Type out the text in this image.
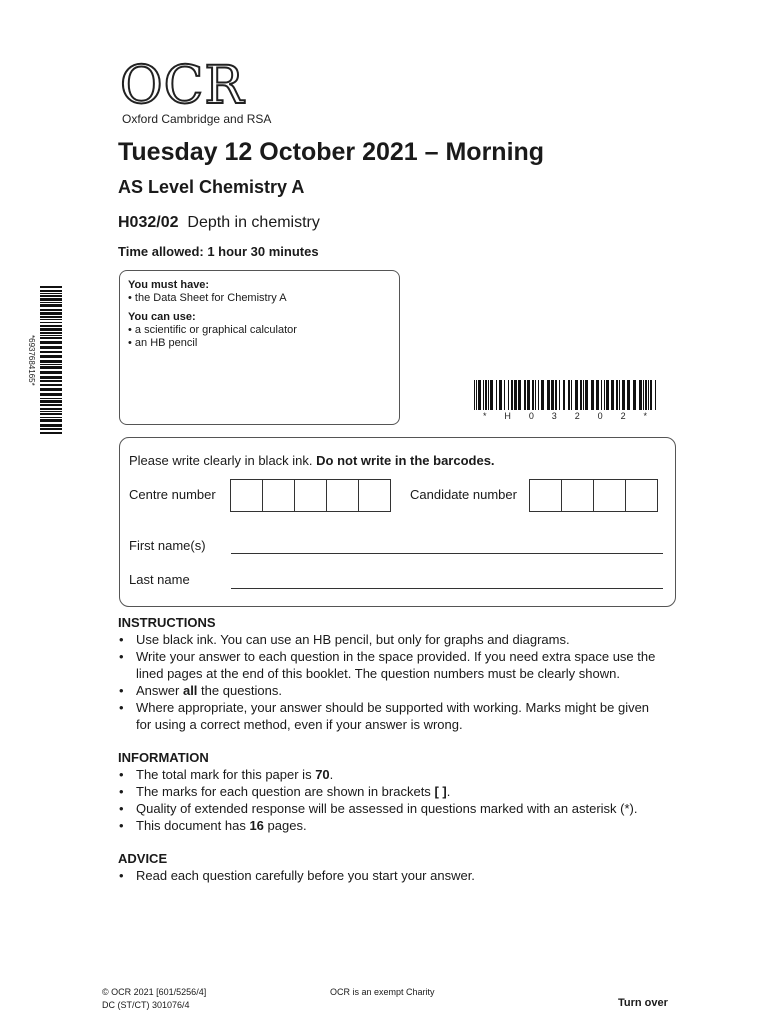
OCR
Oxford Cambridge and RSA
Tuesday 12 October 2021 – Morning
AS Level Chemistry A
H032/02 Depth in chemistry
Time allowed: 1 hour 30 minutes
You must have:
• the Data Sheet for Chemistry A
You can use:
• a scientific or graphical calculator
• an HB pencil
*6937684165*
* H 0 3 2 0 2 *
Please write clearly in black ink. Do not write in the barcodes.
Centre number	Candidate number
First name(s)
Last name
INSTRUCTIONS
• Use black ink. You can use an HB pencil, but only for graphs and diagrams.
• Write your answer to each question in the space provided. If you need extra space use the lined pages at the end of this booklet. The question numbers must be clearly shown.
• Answer all the questions.
• Where appropriate, your answer should be supported with working. Marks might be given for using a correct method, even if your answer is wrong.
INFORMATION
• The total mark for this paper is 70.
• The marks for each question are shown in brackets [ ].
• Quality of extended response will be assessed in questions marked with an asterisk (*).
• This document has 16 pages.
ADVICE
• Read each question carefully before you start your answer.
© OCR 2021 [601/5256/4]
DC (ST/CT) 301076/4
OCR is an exempt Charity
Turn over
